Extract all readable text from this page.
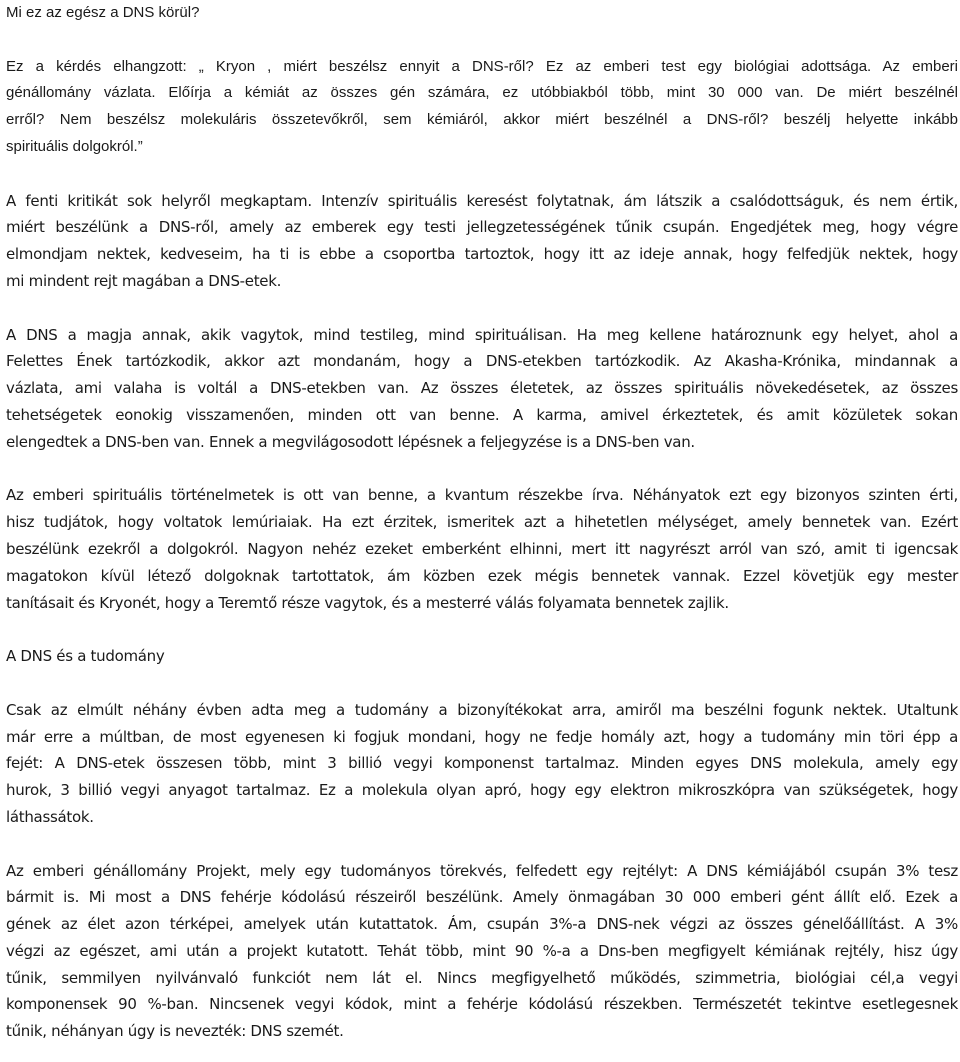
Mi ez az egész a DNS körül?
Ez a kérdés elhangzott: „ Kryon , miért beszélsz ennyit a DNS-ről? Ez az emberi test egy biológiai adottsága. Az emberi
génállomány vázlata. Előírja a kémiát az összes gén számára, ez utóbbiakból több, mint 30 000 van. De miért beszélnél
erről? Nem beszélsz molekuláris összetevőkről, sem kémiáról, akkor miért beszélnél a DNS-ről? beszélj helyette inkább
spirituális dolgokról.”
A fenti kritikát sok helyről megkaptam. Intenzív spirituális keresést folytatnak, ám látszik a csalódottságuk, és nem értik,
miért beszélünk a DNS-ről, amely az emberek egy testi jellegzetességének tűnik csupán. Engedjétek meg, hogy végre
elmondjam nektek, kedveseim, ha ti is ebbe a csoportba tartoztok, hogy itt az ideje annak, hogy felfedjük nektek, hogy
mi mindent rejt magában a DNS-etek.
A DNS a magja annak, akik vagytok, mind testileg, mind spirituálisan. Ha meg kellene határoznunk egy helyet, ahol a
Felettes Ének tartózkodik, akkor azt mondanám, hogy a DNS-etekben tartózkodik. Az Akasha-Krónika, mindannak a
vázlata, ami valaha is voltál a DNS-etekben van. Az összes életetek, az összes spirituális növekedésetek, az összes
tehetségetek eonokig visszamenően, minden ott van benne. A karma, amivel érkeztetek, és amit közületek sokan
elengedtek a DNS-ben van. Ennek a megvilágosodott lépésnek a feljegyzése is a DNS-ben van.
Az emberi spirituális történelmetek is ott van benne, a kvantum részekbe írva. Néhányatok ezt egy bizonyos szinten érti,
hisz tudjátok, hogy voltatok lemúriaiak. Ha ezt érzitek, ismeritek azt a hihetetlen mélységet, amely bennetek van. Ezért
beszélünk ezekről a dolgokról. Nagyon nehéz ezeket emberként elhinni, mert itt nagyrészt arról van szó, amit ti igencsak
magatokon kívül létező dolgoknak tartottatok, ám közben ezek mégis bennetek vannak. Ezzel követjük egy mester
tanításait és Kryonét, hogy a Teremtő része vagytok, és a mesterré válás folyamata bennetek zajlik.
A DNS és a tudomány
Csak az elmúlt néhány évben adta meg a tudomány a bizonyítékokat arra, amiről ma beszélni fogunk nektek. Utaltunk
már erre a múltban, de most egyenesen ki fogjuk mondani, hogy ne fedje homály azt, hogy a tudomány min töri épp a
fejét: A DNS-etek összesen több, mint 3 billió vegyi komponenst tartalmaz. Minden egyes DNS molekula, amely egy
hurok, 3 billió vegyi anyagot tartalmaz. Ez a molekula olyan apró, hogy egy elektron mikroszkópra van szükségetek, hogy
láthassátok.
Az emberi génállomány Projekt, mely egy tudományos törekvés, felfedett egy rejtélyt: A DNS kémiájából csupán 3% tesz
bármit is. Mi most a DNS fehérje kódolású részeiről beszélünk. Amely önmagában 30 000 emberi gént állít elő. Ezek a
gének az élet azon térképei, amelyek után kutattatok. Ám, csupán 3%-a DNS-nek végzi az összes génelőállítást. A 3%
végzi az egészet, ami után a projekt kutatott. Tehát több, mint 90 %-a a Dns-ben megfigyelt kémiának rejtély, hisz úgy
tűnik, semmilyen nyilvánvaló funkciót nem lát el. Nincs megfigyelhető működés, szimmetria, biológiai cél,a vegyi
komponensek 90 %-ban. Nincsenek vegyi kódok, mint a fehérje kódolású részekben. Természetét tekintve esetlegesnek
tűnik, néhányan úgy is nevezték: DNS szemét.
